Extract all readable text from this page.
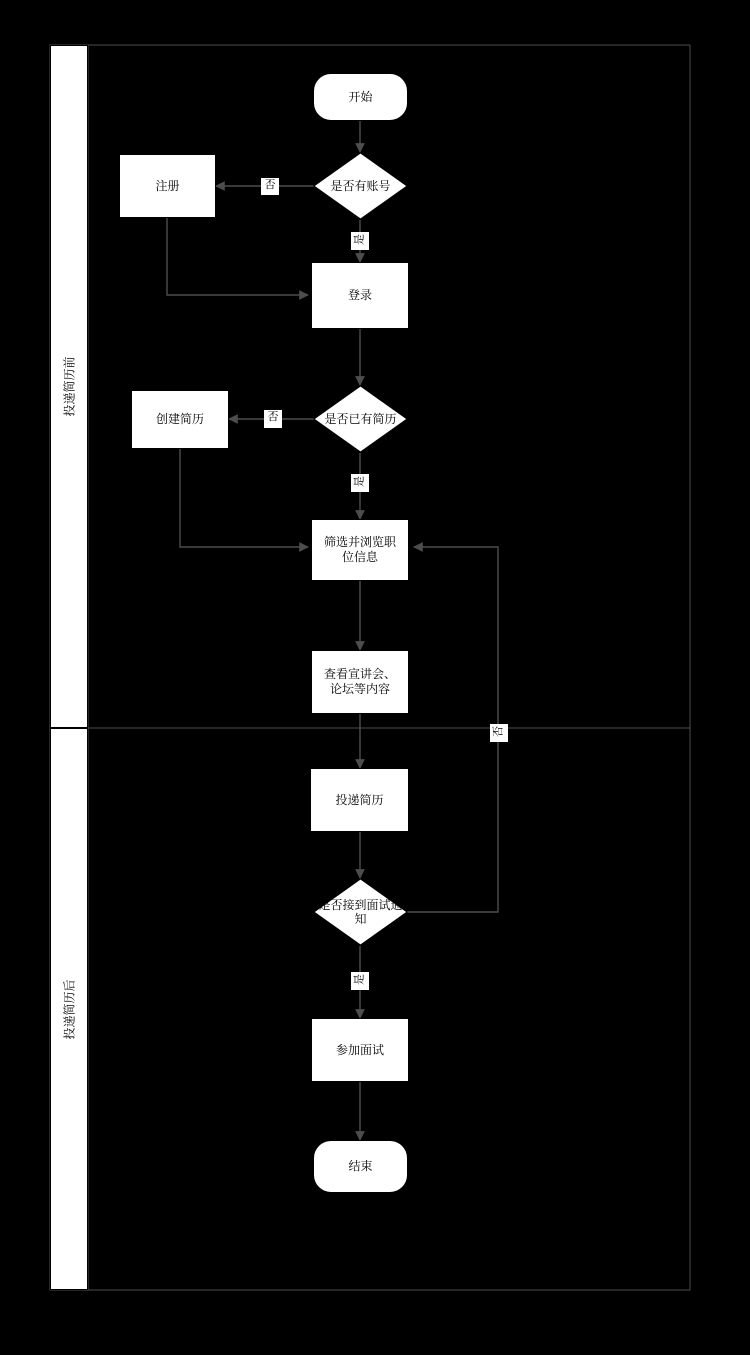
投递简历前
投递简历后
开始
是否有账号
注册
登录
是否已有简历
创建简历
筛选并浏览职位信息
查看宣讲会、论坛等内容
投递简历
是否接到面试通知
参加面试
结束
否
是
否
是
否
是
